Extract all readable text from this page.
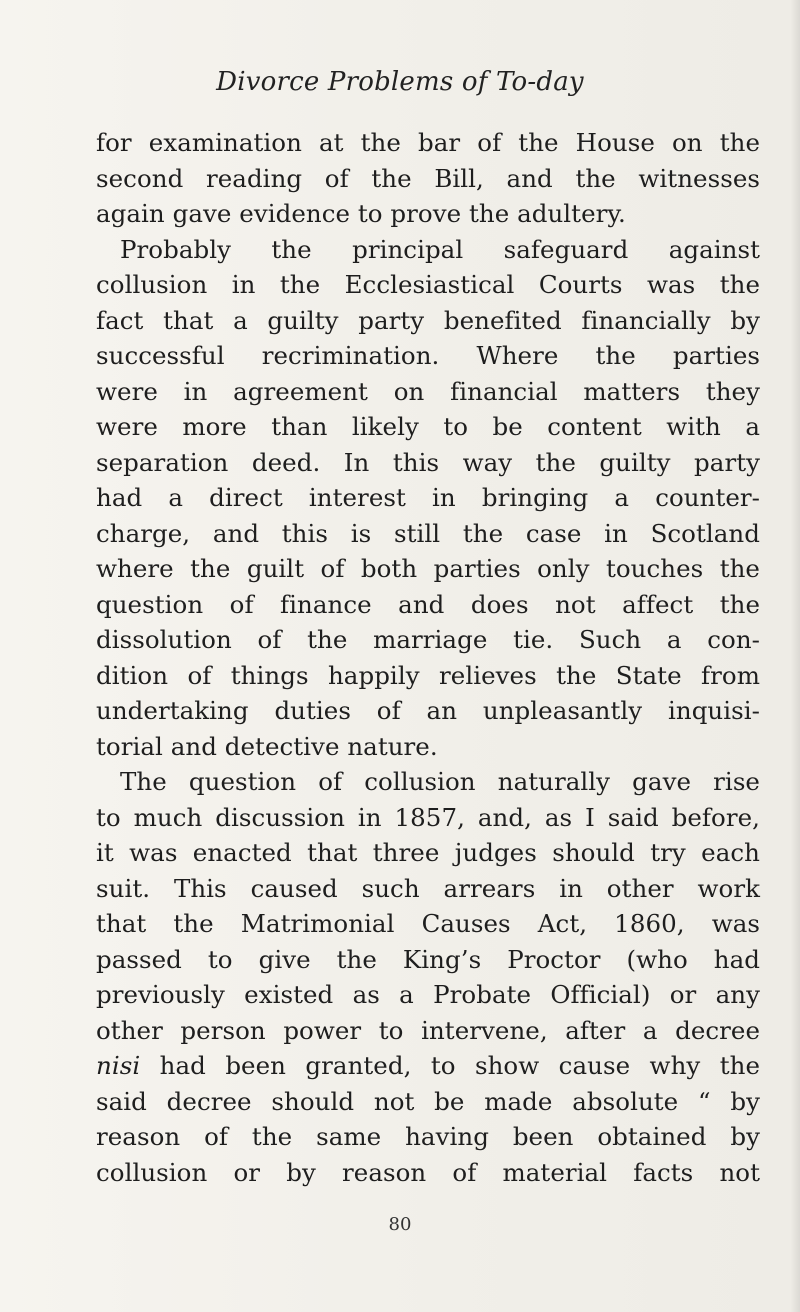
Divorce Problems of To-day
for examination at the bar of the House on the
second reading of the Bill, and the witnesses
again gave evidence to prove the adultery.
Probably the principal safeguard against
collusion in the Ecclesiastical Courts was the
fact that a guilty party benefited financially by
successful recrimination. Where the parties
were in agreement on financial matters they
were more than likely to be content with a
separation deed. In this way the guilty party
had a direct interest in bringing a counter-
charge, and this is still the case in Scotland
where the guilt of both parties only touches the
question of finance and does not affect the
dissolution of the marriage tie. Such a con-
dition of things happily relieves the State from
undertaking duties of an unpleasantly inquisi-
torial and detective nature.
The question of collusion naturally gave rise
to much discussion in 1857, and, as I said before,
it was enacted that three judges should try each
suit. This caused such arrears in other work
that the Matrimonial Causes Act, 1860, was
passed to give the King’s Proctor (who had
previously existed as a Probate Official) or any
other person power to intervene, after a decree
nisi had been granted, to show cause why the
said decree should not be made absolute “ by
reason of the same having been obtained by
collusion or by reason of material facts not
80
